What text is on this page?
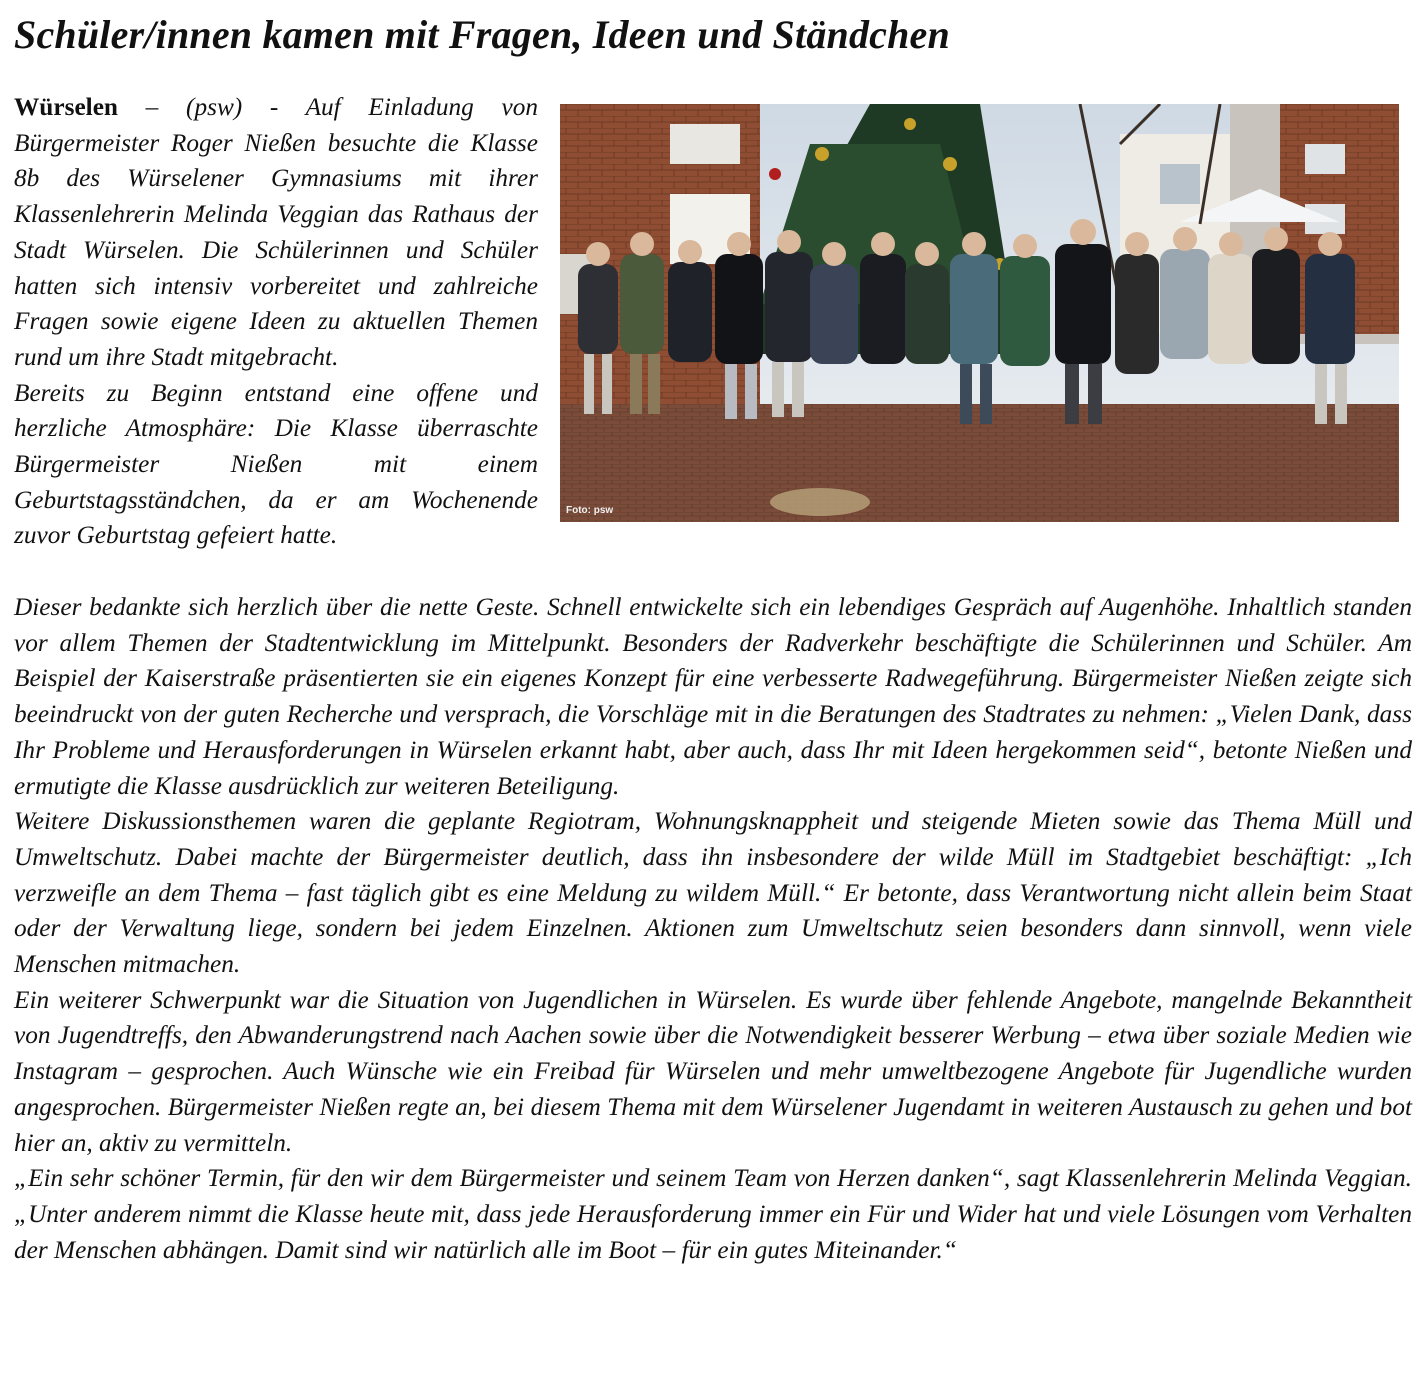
Schüler/innen kamen mit Fragen, Ideen und Ständchen

Würselen – (psw) - Auf Einladung von Bürgermeister Roger Nießen besuchte die Klasse 8b des Würselener Gymnasiums mit ihrer Klassenlehrerin Melinda Veggian das Rathaus der Stadt Würselen. Die Schülerinnen und Schüler hatten sich intensiv vorbereitet und zahlreiche Fragen sowie eigene Ideen zu aktuellen Themen rund um ihre Stadt mitgebracht.

Bereits zu Beginn entstand eine offene und herzliche Atmosphäre: Die Klasse überraschte Bürgermeister Nießen mit einem Geburtstagsständchen, da er am Wochenende zuvor Geburtstag gefeiert hatte.

Dieser bedankte sich herzlich über die nette Geste. Schnell entwickelte sich ein lebendiges Gespräch auf Augenhöhe. Inhaltlich standen vor allem Themen der Stadtentwicklung im Mittelpunkt. Besonders der Radverkehr beschäftigte die Schülerinnen und Schüler. Am Beispiel der Kaiserstraße präsentierten sie ein eigenes Konzept für eine verbesserte Radwegeführung. Bürgermeister Nießen zeigte sich beeindruckt von der guten Recherche und versprach, die Vorschläge mit in die Beratungen des Stadtrates zu nehmen: „Vielen Dank, dass Ihr Probleme und Herausforderungen in Würselen erkannt habt, aber auch, dass Ihr mit Ideen hergekommen seid“, betonte Nießen und ermutigte die Klasse ausdrücklich zur weiteren Beteiligung.

Weitere Diskussionsthemen waren die geplante Regiotram, Wohnungsknappheit und steigende Mieten sowie das Thema Müll und Umweltschutz. Dabei machte der Bürgermeister deutlich, dass ihn insbesondere der wilde Müll im Stadtgebiet beschäftigt: „Ich verzweifle an dem Thema – fast täglich gibt es eine Meldung zu wildem Müll.“ Er betonte, dass Verantwortung nicht allein beim Staat oder der Verwaltung liege, sondern bei jedem Einzelnen. Aktionen zum Umweltschutz seien besonders dann sinnvoll, wenn viele Menschen mitmachen.

Ein weiterer Schwerpunkt war die Situation von Jugendlichen in Würselen. Es wurde über fehlende Angebote, mangelnde Bekanntheit von Jugendtreffs, den Abwanderungstrend nach Aachen sowie über die Notwendigkeit besserer Werbung – etwa über soziale Medien wie Instagram – gesprochen. Auch Wünsche wie ein Freibad für Würselen und mehr umweltbezogene Angebote für Jugendliche wurden angesprochen. Bürgermeister Nießen regte an, bei diesem Thema mit dem Würselener Jugendamt in weiteren Austausch zu gehen und bot hier an, aktiv zu vermitteln.

„Ein sehr schöner Termin, für den wir dem Bürgermeister und seinem Team von Herzen danken“, sagt Klassenlehrerin Melinda Veggian. „Unter anderem nimmt die Klasse heute mit, dass jede Herausforderung immer ein Für und Wider hat und viele Lösungen vom Verhalten der Menschen abhängen. Damit sind wir natürlich alle im Boot – für ein gutes Miteinander.“

Foto: psw
